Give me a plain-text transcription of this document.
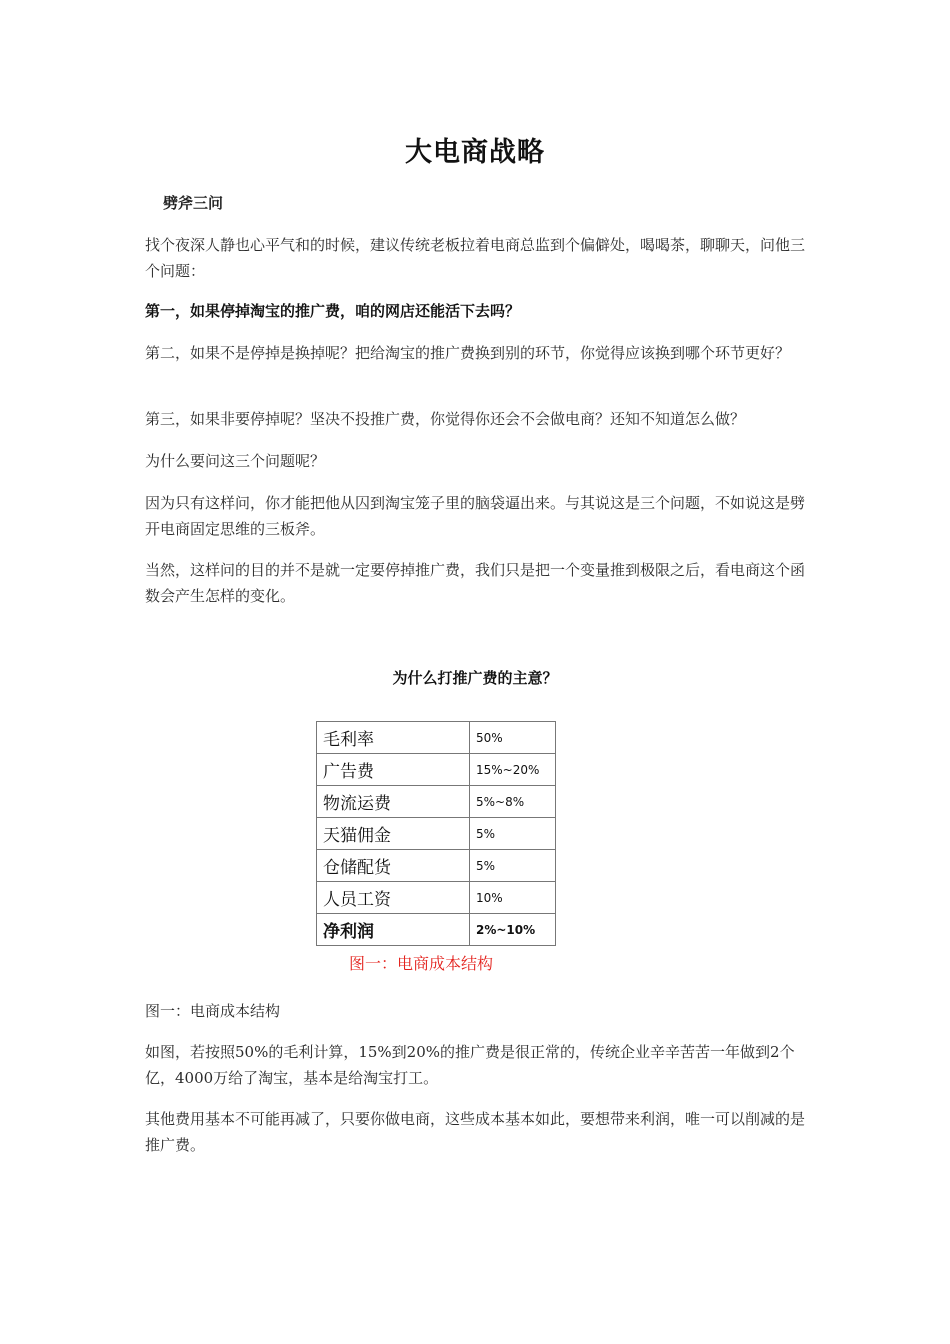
大电商战略
劈斧三问

找个夜深人静也心平气和的时候，建议传统老板拉着电商总监到个偏僻处，喝喝茶，聊聊天，问他三个问题：

第一，如果停掉淘宝的推广费，咱的网店还能活下去吗？

第二，如果不是停掉是换掉呢？把给淘宝的推广费换到别的环节，你觉得应该换到哪个环节更好？

第三，如果非要停掉呢？坚决不投推广费，你觉得你还会不会做电商？还知不知道怎么做？

为什么要问这三个问题呢？

因为只有这样问，你才能把他从囚到淘宝笼子里的脑袋逼出来。与其说这是三个问题，不如说这是劈开电商固定思维的三板斧。

当然，这样问的目的并不是就一定要停掉推广费，我们只是把一个变量推到极限之后，看电商这个函数会产生怎样的变化。

为什么打推广费的主意？
毛利率	50%
广告费	15%~20%
物流运费	5%~8%
天猫佣金	5%
仓储配货	5%
人员工资	10%
净利润	2%~10%
图一：电商成本结构

图一：电商成本结构

如图，若按照50%的毛利计算，15%到20%的推广费是很正常的，传统企业辛辛苦苦一年做到2个亿，4000万给了淘宝，基本是给淘宝打工。

其他费用基本不可能再减了，只要你做电商，这些成本基本如此，要想带来利润，唯一可以削减的是推广费。
